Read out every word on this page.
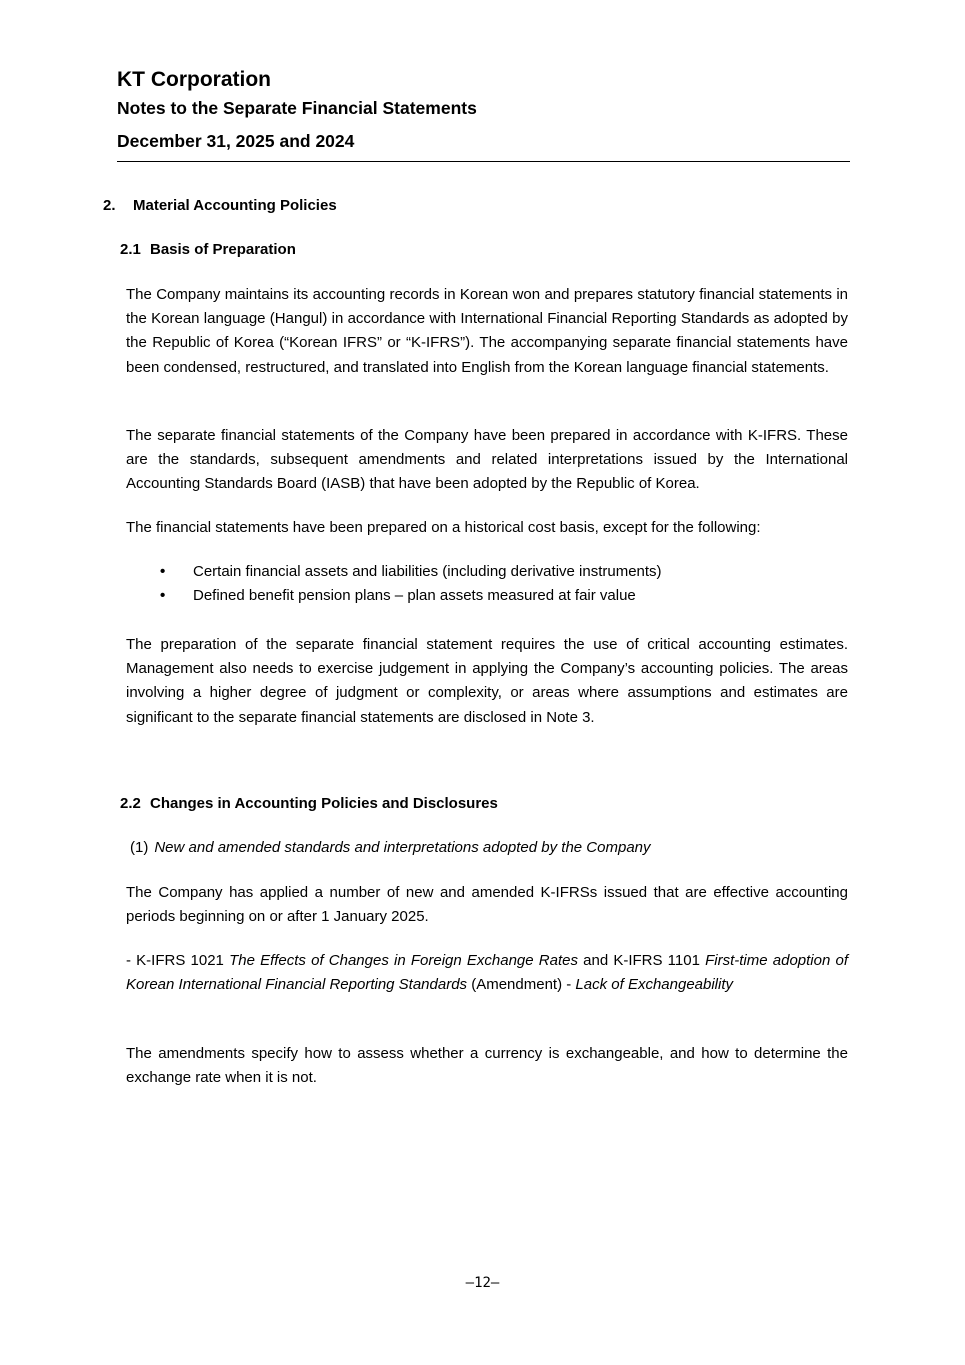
KT Corporation
Notes to the Separate Financial Statements
December 31, 2025 and 2024
2. Material Accounting Policies
2.1 Basis of Preparation

The Company maintains its accounting records in Korean won and prepares statutory financial statements in the Korean language (Hangul) in accordance with International Financial Reporting Standards as adopted by the Republic of Korea (“Korean IFRS” or “K-IFRS”). The accompanying separate financial statements have been condensed, restructured, and translated into English from the Korean language financial statements.

The separate financial statements of the Company have been prepared in accordance with K-IFRS. These are the standards, subsequent amendments and related interpretations issued by the International Accounting Standards Board (IASB) that have been adopted by the Republic of Korea.

The financial statements have been prepared on a historical cost basis, except for the following:

• Certain financial assets and liabilities (including derivative instruments)
• Defined benefit pension plans – plan assets measured at fair value

The preparation of the separate financial statement requires the use of critical accounting estimates. Management also needs to exercise judgement in applying the Company’s accounting policies. The areas involving a higher degree of judgment or complexity, or areas where assumptions and estimates are significant to the separate financial statements are disclosed in Note 3.

2.2 Changes in Accounting Policies and Disclosures
(1) New and amended standards and interpretations adopted by the Company

The Company has applied a number of new and amended K-IFRSs issued that are effective accounting periods beginning on or after 1 January 2025.

- K-IFRS 1021 The Effects of Changes in Foreign Exchange Rates and K-IFRS 1101 First-time adoption of Korean International Financial Reporting Standards (Amendment) - Lack of Exchangeability

The amendments specify how to assess whether a currency is exchangeable, and how to determine the exchange rate when it is not.

–12–
